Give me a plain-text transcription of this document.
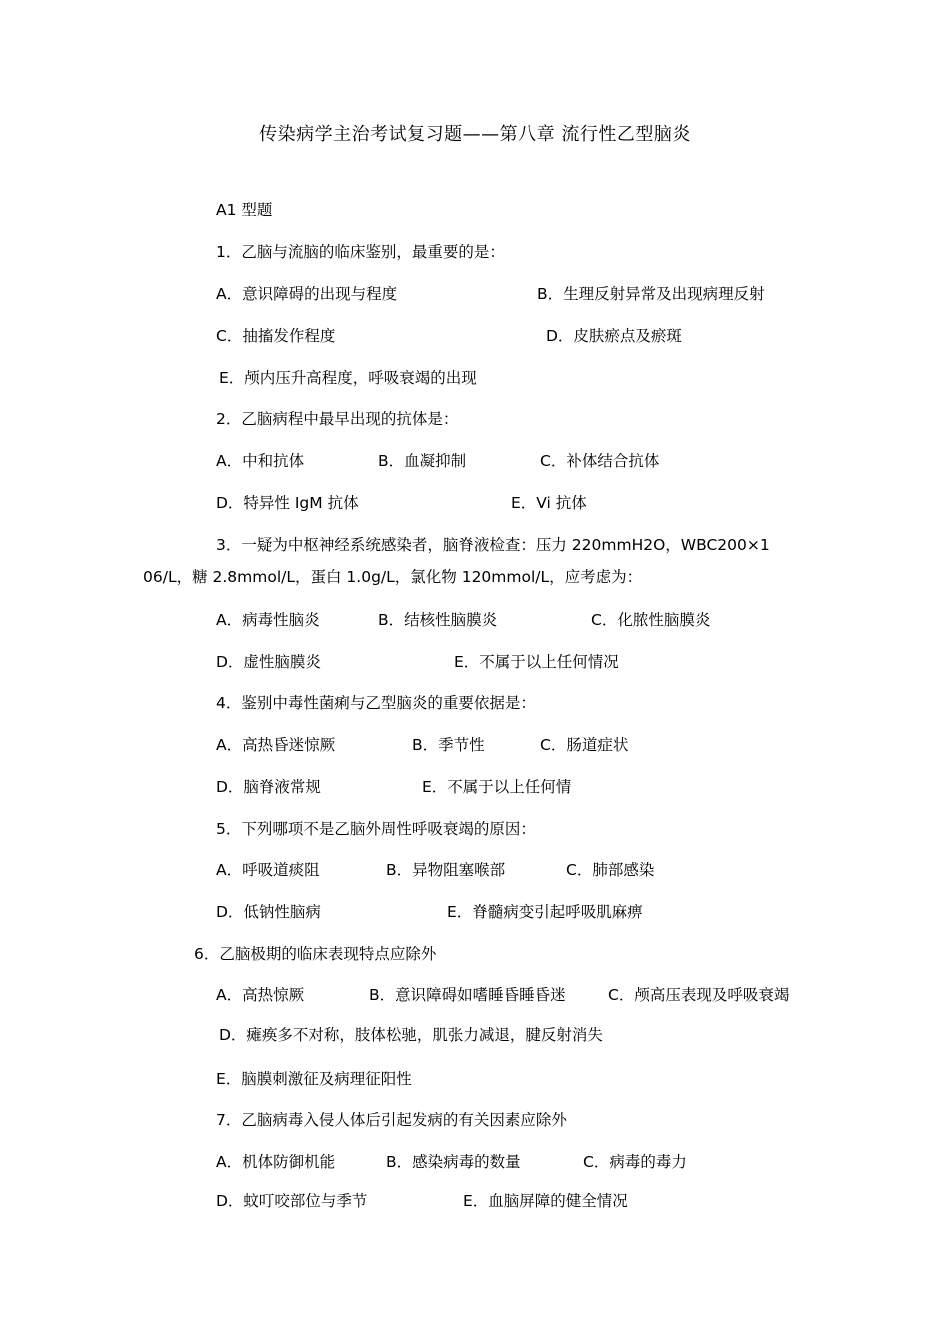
传染病学主治考试复习题——第八章 流行性乙型脑炎
A1 型题
1．乙脑与流脑的临床鉴别，最重要的是：
A．意识障碍的出现与程度	B．生理反射异常及出现病理反射
C．抽搐发作程度	D．皮肤瘀点及瘀斑
E．颅内压升高程度，呼吸衰竭的出现
2．乙脑病程中最早出现的抗体是：
A．中和抗体	B．血凝抑制	C．补体结合抗体
D．特异性 IgM 抗体	E．Vi 抗体
3．一疑为中枢神经系统感染者，脑脊液检查：压力 220mmH2O，WBC200×1
06/L，糖 2.8mmol/L，蛋白 1.0g/L，氯化物 120mmol/L，应考虑为：
A．病毒性脑炎	B．结核性脑膜炎	C．化脓性脑膜炎
D．虚性脑膜炎	E．不属于以上任何情况
4．鉴别中毒性菌痢与乙型脑炎的重要依据是：
A．高热昏迷惊厥	B．季节性	C．肠道症状
D．脑脊液常规	E．不属于以上任何情
5．下列哪项不是乙脑外周性呼吸衰竭的原因：
A．呼吸道痰阻	B．异物阻塞喉部	C．肺部感染
D．低钠性脑病	E．脊髓病变引起呼吸肌麻痹
6．乙脑极期的临床表现特点应除外
A．高热惊厥	B．意识障碍如嗜睡昏睡昏迷	C．颅高压表现及呼吸衰竭
D．瘫痪多不对称，肢体松驰，肌张力减退，腱反射消失
E．脑膜刺激征及病理征阳性
7．乙脑病毒入侵人体后引起发病的有关因素应除外
A．机体防御机能	B．感染病毒的数量	C．病毒的毒力
D．蚊叮咬部位与季节	E．血脑屏障的健全情况
